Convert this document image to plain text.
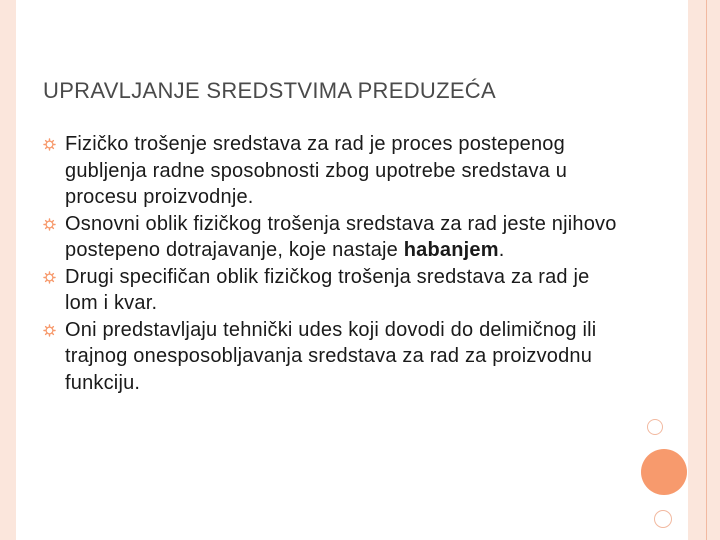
UPRAVLJANJE SREDSTVIMA PREDUZEĆA
Fizičko trošenje sredstava za rad je proces postepenog gubljenja radne sposobnosti zbog upotrebe sredstava u procesu proizvodnje.
Osnovni oblik fizičkog trošenja sredstava za rad jeste njihovo postepeno dotrajavanje, koje nastaje habanjem.
Drugi specifičan oblik fizičkog trošenja sredstava za rad je lom i kvar.
Oni predstavljaju tehnički udes koji dovodi do delimičnog ili trajnog onesposobljavanja sredstava za rad za proizvodnu funkciju.
